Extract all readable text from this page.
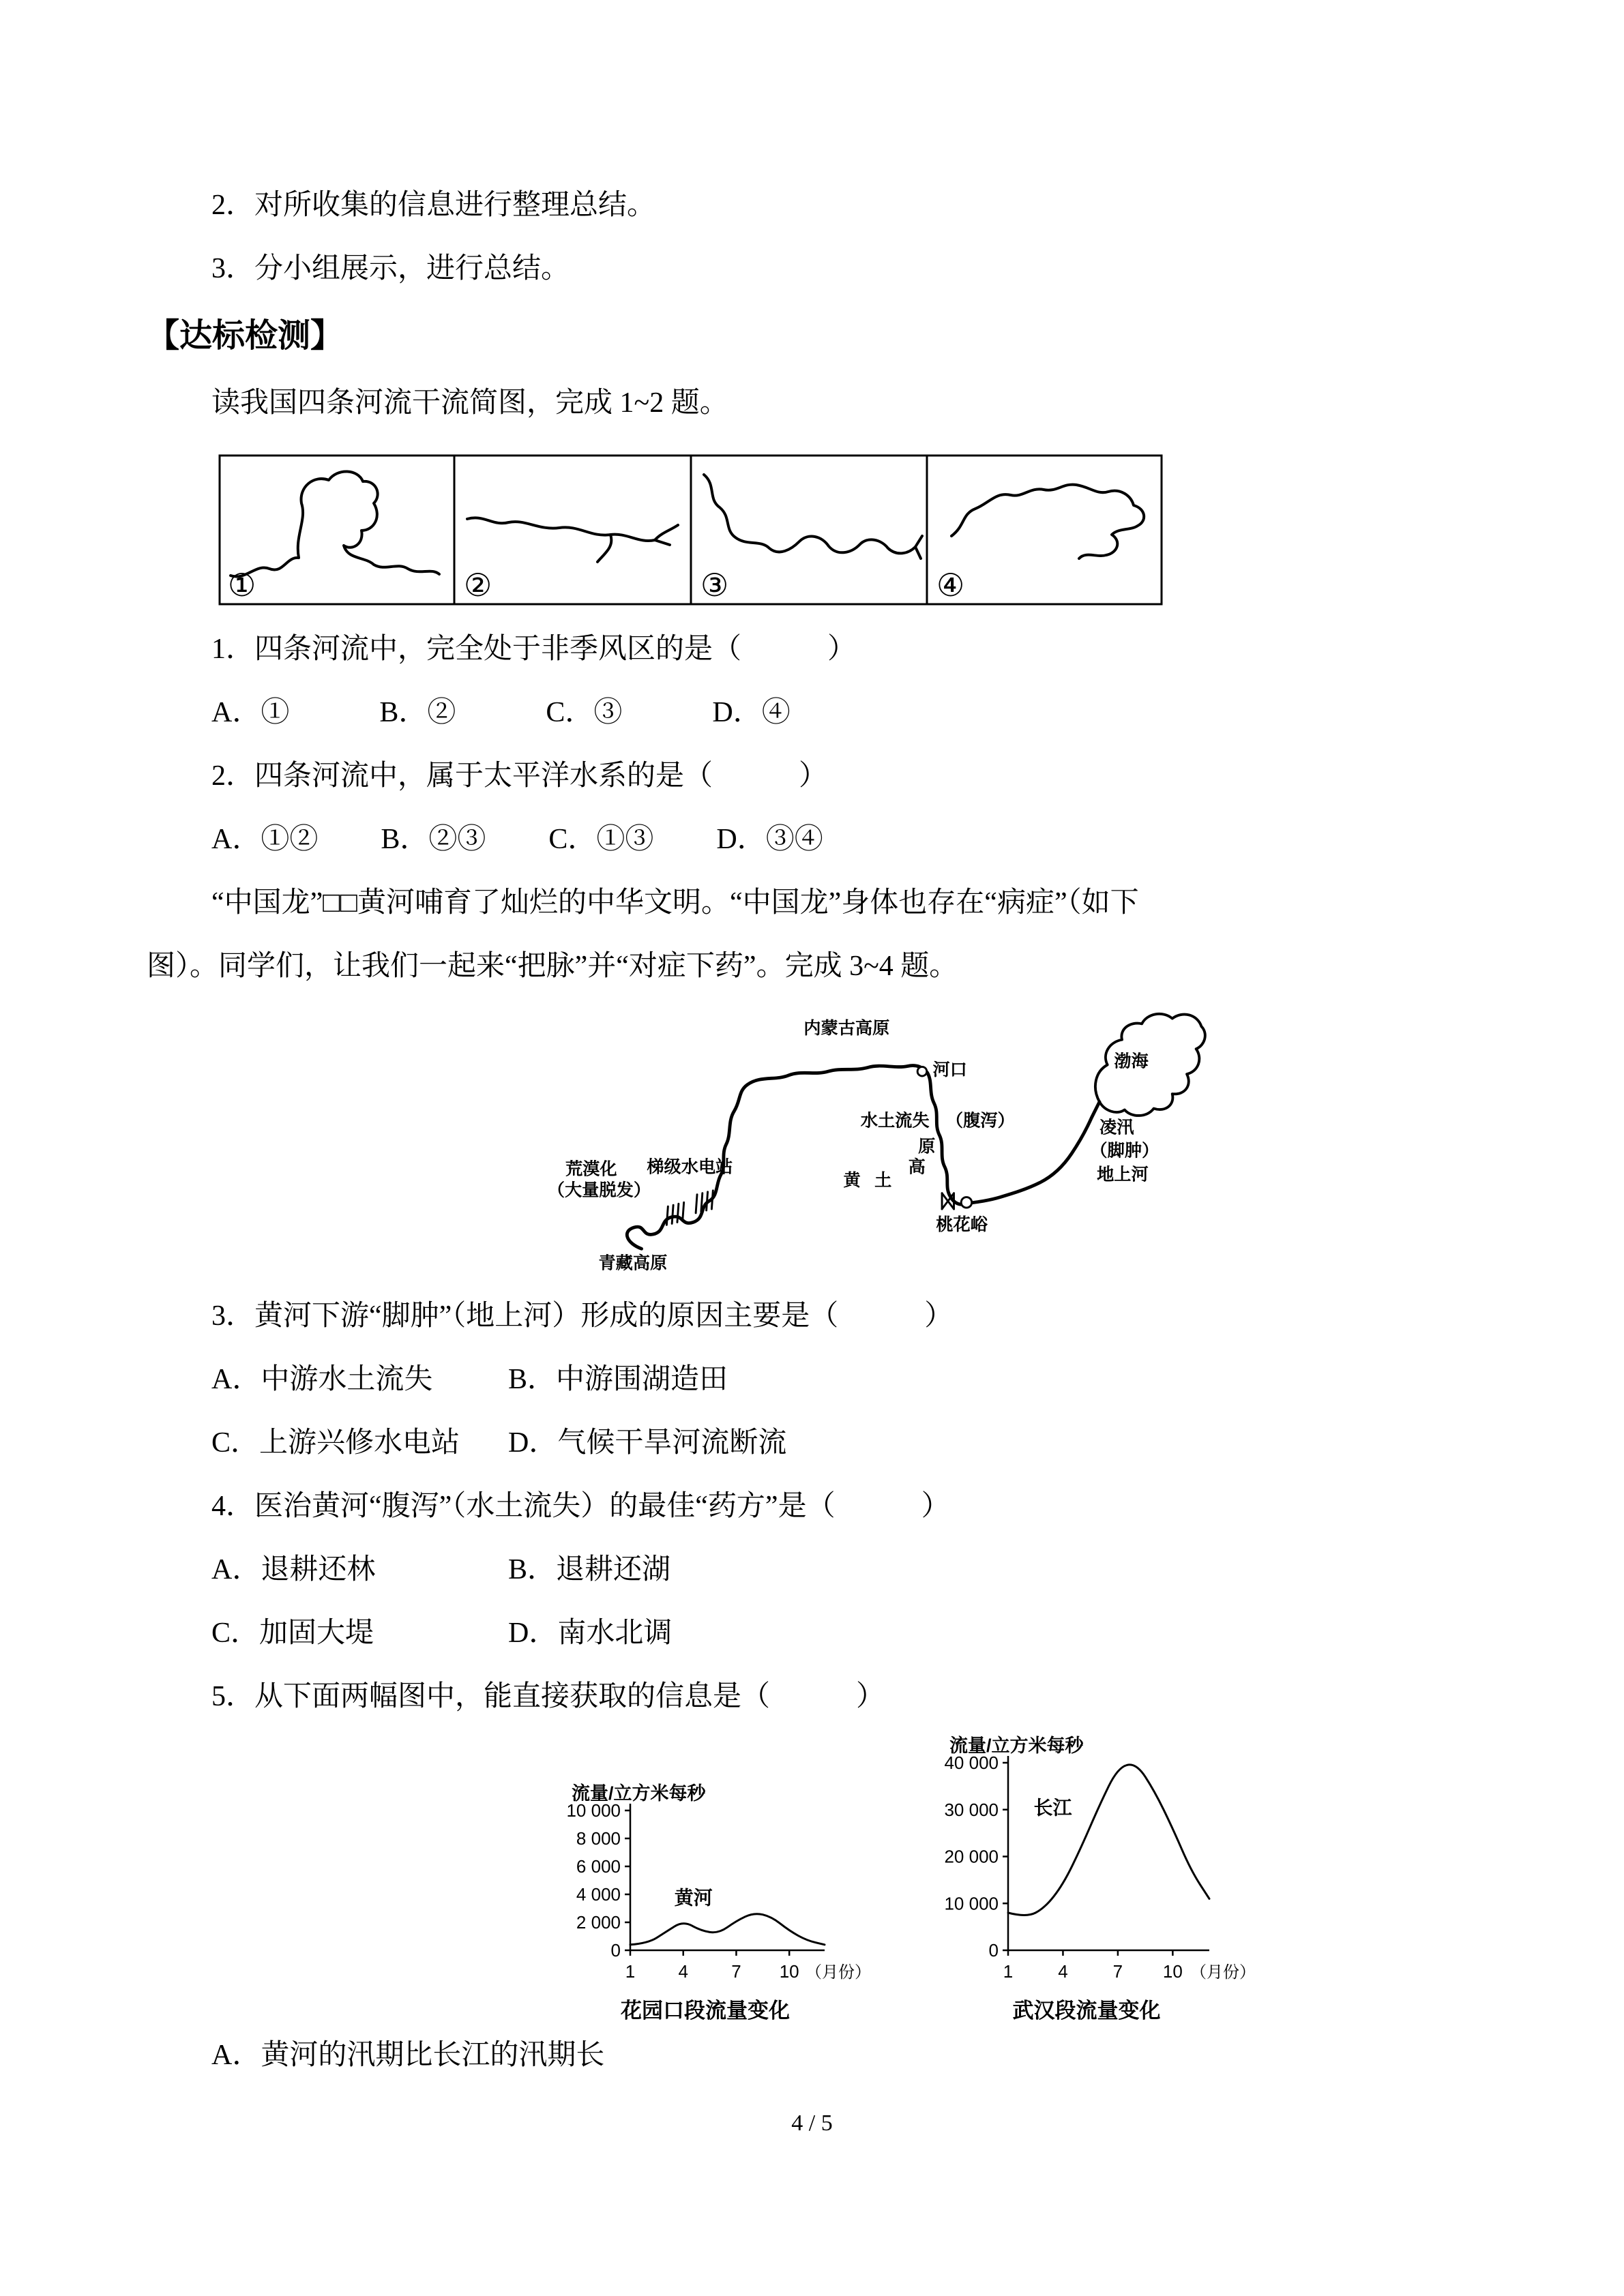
2．对所收集的信息进行整理总结。

3．分小组展示，进行总结。

【达标检测】

读我国四条河流干流简图，完成 1~2 题。

①	②	③	④

1．四条河流中，完全处于非季风区的是（　　　）

A．①	B．②	C．③	D．④

2．四条河流中，属于太平洋水系的是（　　　）

A．①② B．②③ C．①③ D．③④

“中国龙”□□黄河哺育了灿烂的中华文明。“中国龙”身体也存在“病症”（如下

图）。同学们，让我们一起来“把脉”并“对症下药”。完成 3~4 题。

内蒙古高原
河口	渤海
水土流失 （腹泻）
黄 土
高
原
凌汛
（脚肿）
地上河
桃花峪
荒漠化
（大量脱发）
梯级水电站
青藏高原

3．黄河下游“脚肿”（地上河）形成的原因主要是（　　　）

A．中游水土流失	B．中游围湖造田
C．上游兴修水电站	D．气候干旱河流断流

4．医治黄河“腹泻”（水土流失）的最佳“药方”是（　　　）

A．退耕还林	B．退耕还湖
C．加固大堤	D．南水北调

5．从下面两幅图中，能直接获取的信息是（　　　）

0
2 000
4 000
6 000
8 000
10 000
1 4 7 10 （月份）
流量/立方米每秒
黄河
花园口段流量变化
0
10 000
20 000
30 000
40 000
1	4	7 10 （月份）
流量/立方米每秒
长江
武汉段流量变化

A．黄河的汛期比长江的汛期长

4 / 5
